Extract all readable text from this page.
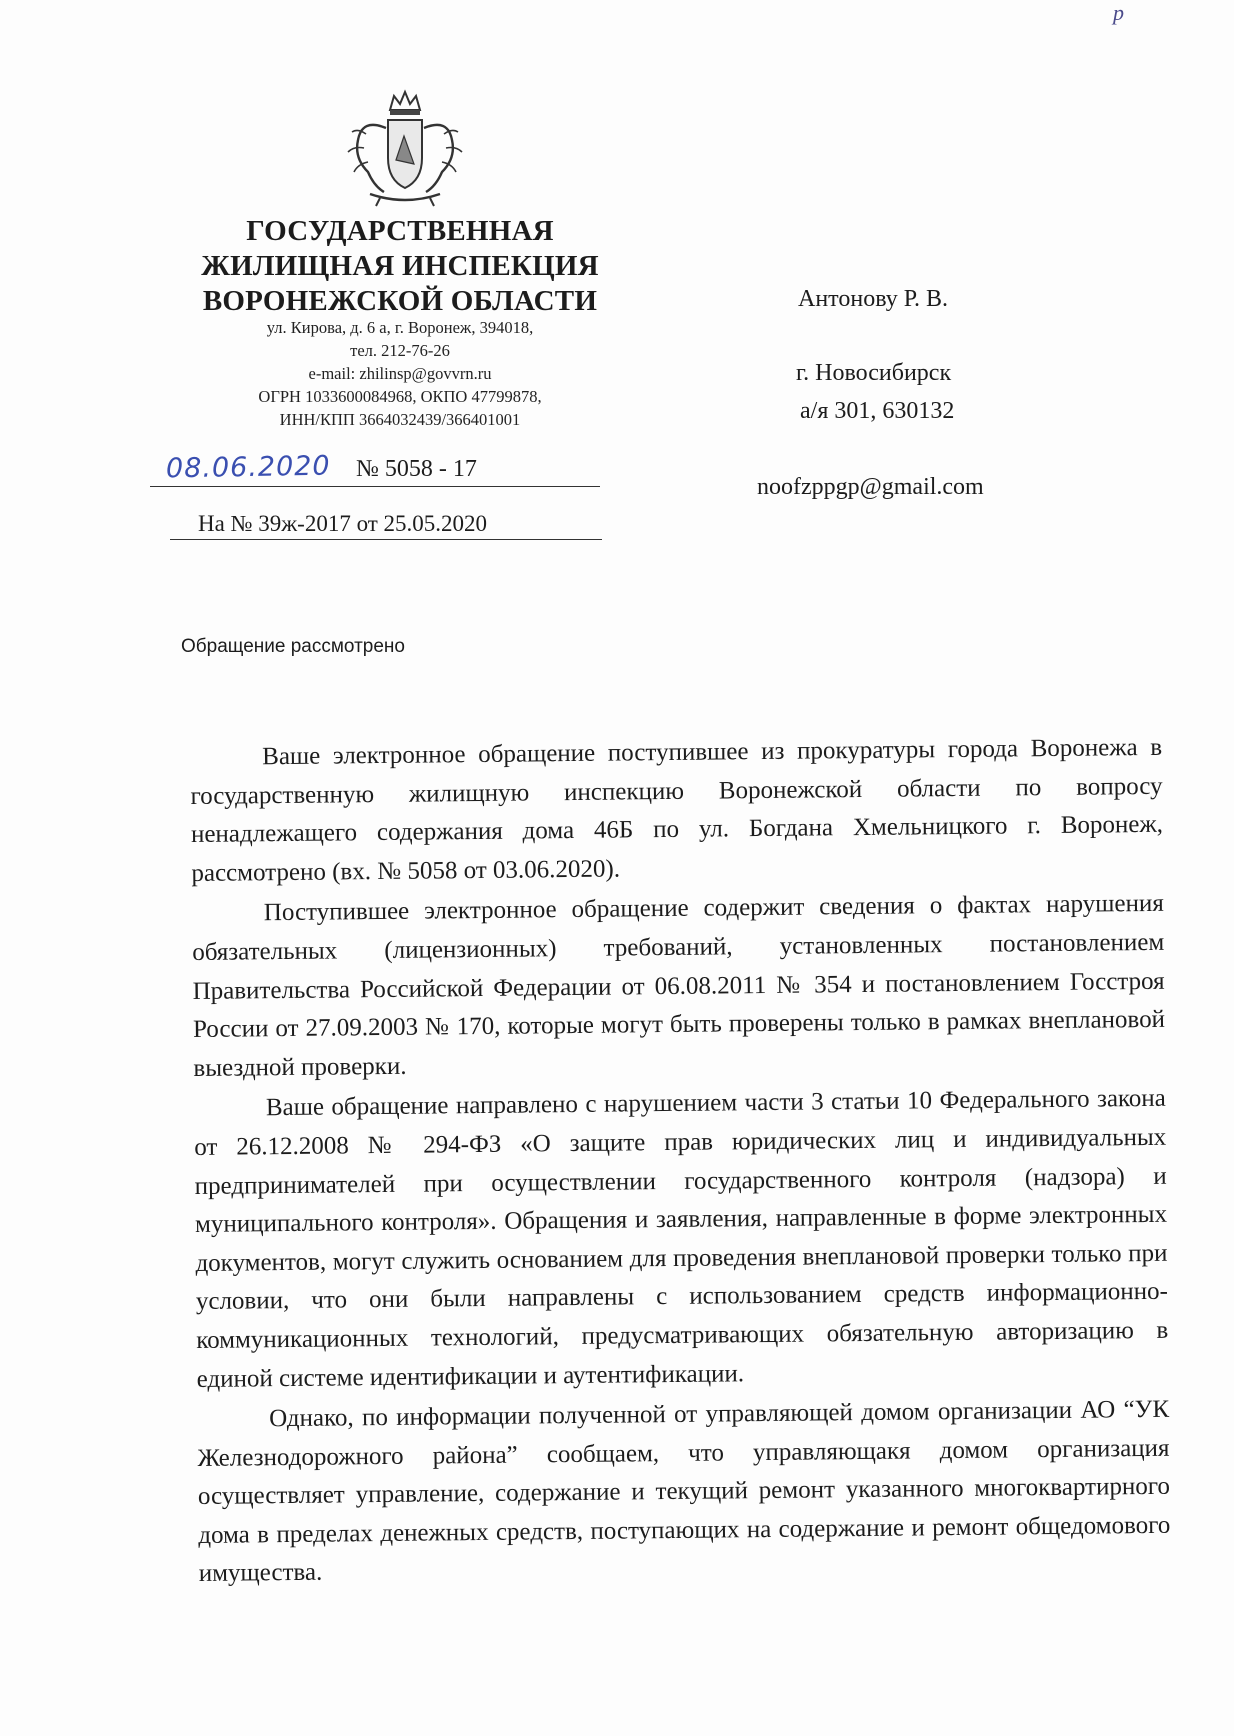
р
ГОСУДАРСТВЕННАЯ
ЖИЛИЩНАЯ ИНСПЕКЦИЯ
ВОРОНЕЖСКОЙ ОБЛАСТИ
ул. Кирова, д. 6 а, г. Воронеж, 394018,
тел. 212-76-26
e-mail: zhilinsp@govvrn.ru
ОГРН 1033600084968, ОКПО 47799878,
ИНН/КПП 3664032439/366401001
08.06.2020 № 5058 - 17
На № 39ж-2017 от 25.05.2020
Антонову Р. В.
г. Новосибирск
а/я 301, 630132
noofzppgp@gmail.com
Обращение рассмотрено

Ваше электронное обращение поступившее из прокуратуры города Воронежа в государственную жилищную инспекцию Воронежской области по вопросу ненадлежащего содержания дома 46Б по ул. Богдана Хмельницкого г. Воронеж, рассмотрено (вх. № 5058 от 03.06.2020).

Поступившее электронное обращение содержит сведения о фактах нарушения обязательных (лицензионных) требований, установленных постановлением Правительства Российской Федерации от 06.08.2011 № 354 и постановлением Госстроя России от 27.09.2003 № 170, которые могут быть проверены только в рамках внеплановой выездной проверки.

Ваше обращение направлено с нарушением части 3 статьи 10 Федерального закона от 26.12.2008 № 294-ФЗ «О защите прав юридических лиц и индивидуальных предпринимателей при осуществлении государственного контроля (надзора) и муниципального контроля». Обращения и заявления, направленные в форме электронных документов, могут служить основанием для проведения внеплановой проверки только при условии, что они были направлены с использованием средств информационно-коммуникационных технологий, предусматривающих обязательную авторизацию в единой системе идентификации и аутентификации.

Однако, по информации полученной от управляющей домом организации АО “УК Железнодорожного района” сообщаем, что управляющакя домом организация осуществляет управление, содержание и текущий ремонт указанного многоквартирного дома в пределах денежных средств, поступающих на содержание и ремонт общедомового имущества.
